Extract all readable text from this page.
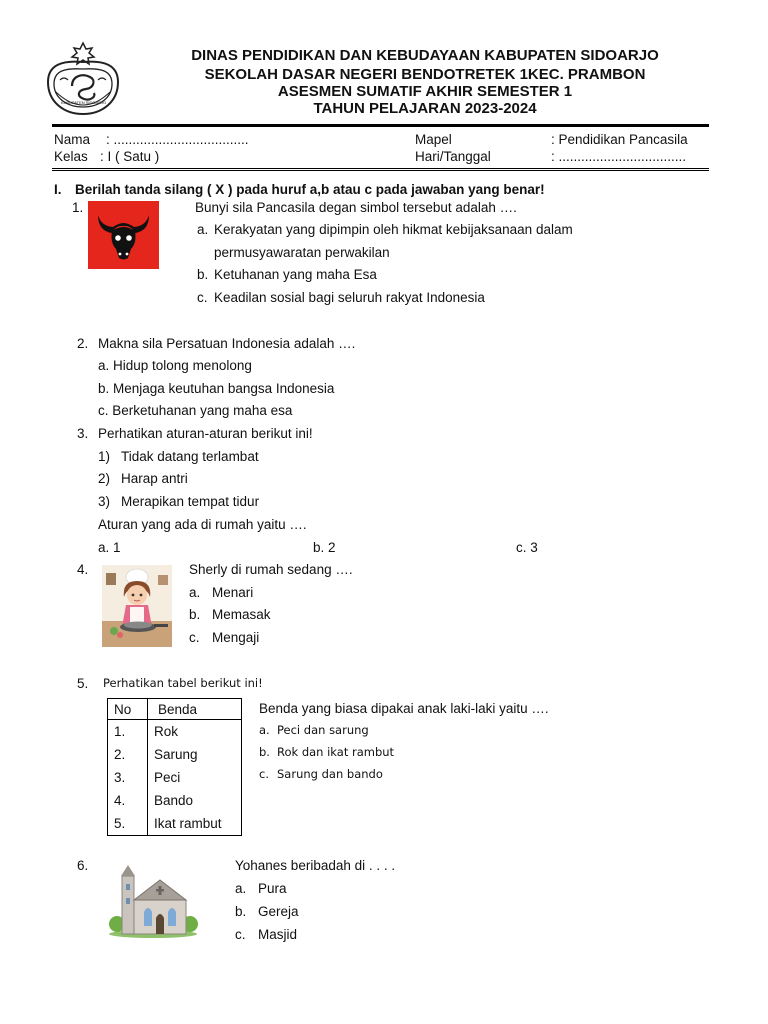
KABUPATEN SIDOARJO
DINAS PENDIDIKAN DAN KEBUDAYAAN KABUPATEN SIDOARJO
SEKOLAH DASAR NEGERI BENDOTRETEK 1KEC. PRAMBON
ASESMEN SUMATIF AKHIR SEMESTER 1
TAHUN PELAJARAN 2023-2024
Nama : ....................................
Kelas : I ( Satu )
Mapel	: Pendidikan Pancasila
Hari/Tanggal	: ..................................
I. Berilah tanda silang ( X ) pada huruf a,b atau c pada jawaban yang benar!
1.	Bunyi sila Pancasila degan simbol tersebut adalah ….
a. Kerakyatan yang dipimpin oleh hikmat kebijaksanaan dalam
permusyawaratan perwakilan
b. Ketuhanan yang maha Esa
c. Keadilan sosial bagi seluruh rakyat Indonesia
2. Makna sila Persatuan Indonesia adalah ….
a. Hidup tolong menolong
b. Menjaga keutuhan bangsa Indonesia
c. Berketuhanan yang maha esa
3. Perhatikan aturan-aturan berikut ini!
1) Tidak datang terlambat
2) Harap antri
3) Merapikan tempat tidur
Aturan yang ada di rumah yaitu ….
a. 1	b. 2	c. 3
4.	Sherly di rumah sedang ….
a. Menari
b. Memasak
c. Mengaji
5. Perhatikan tabel berikut ini!
No	Benda
1.	Rok
2.	Sarung
3.	Peci
4.	Bando
5.	Ikat rambut
Benda yang biasa dipakai anak laki-laki yaitu ….
a. Peci dan sarung
b. Rok dan ikat rambut
c. Sarung dan bando
6.	Yohanes beribadah di . . . .
a. Pura
b. Gereja
c. Masjid
